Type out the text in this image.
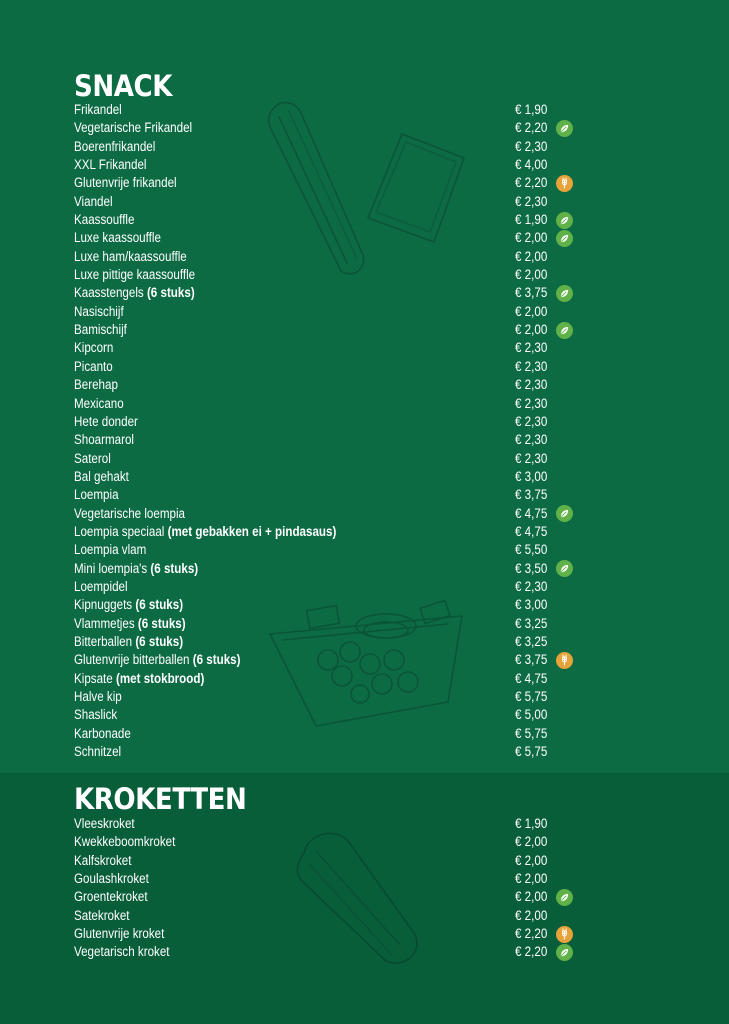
SNACK
Frikandel	€ 1,90
Vegetarische Frikandel	€ 2,20
Boerenfrikandel	€ 2,30
XXL Frikandel	€ 4,00
Glutenvrije frikandel	€ 2,20
Viandel	€ 2,30
Kaassouffle	€ 1,90
Luxe kaassouffle	€ 2,00
Luxe ham/kaassouffle	€ 2,00
Luxe pittige kaassouffle	€ 2,00
Kaasstengels (6 stuks)	€ 3,75
Nasischijf	€ 2,00
Bamischijf	€ 2,00
Kipcorn	€ 2,30
Picanto	€ 2,30
Berehap	€ 2,30
Mexicano	€ 2,30
Hete donder	€ 2,30
Shoarmarol	€ 2,30
Saterol	€ 2,30
Bal gehakt	€ 3,00
Loempia	€ 3,75
Vegetarische loempia	€ 4,75
Loempia speciaal (met gebakken ei + pindasaus)	€ 4,75
Loempia vlam	€ 5,50
Mini loempia's (6 stuks)	€ 3,50
Loempidel	€ 2,30
Kipnuggets (6 stuks)	€ 3,00
Vlammetjes (6 stuks)	€ 3,25
Bitterballen (6 stuks)	€ 3,25
Glutenvrije bitterballen (6 stuks)	€ 3,75
Kipsate (met stokbrood)	€ 4,75
Halve kip	€ 5,75
Shaslick	€ 5,00
Karbonade	€ 5,75
Schnitzel	€ 5,75
KROKETTEN
Vleeskroket	€ 1,90
Kwekkeboomkroket	€ 2,00
Kalfskroket	€ 2,00
Goulashkroket	€ 2,00
Groentekroket	€ 2,00
Satekroket	€ 2,00
Glutenvrije kroket	€ 2,20
Vegetarisch kroket	€ 2,20
